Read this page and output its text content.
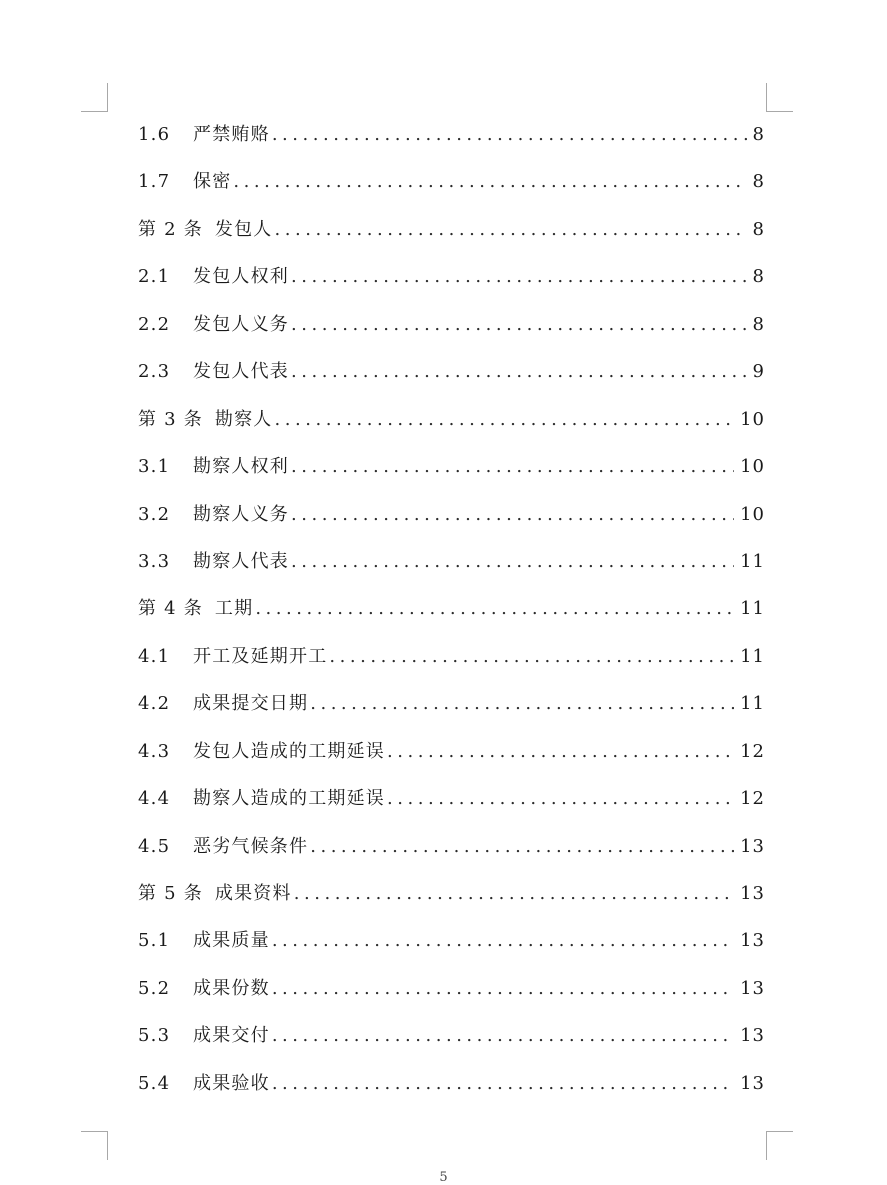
1.6	严禁贿赂 . . .	8
1.7	保密 . . .	8
第 2 条 发包人 . . .	8
2.1	发包人权利 . . .	8
2.2	发包人义务 . . .	8
2.3	发包人代表 . . .	9
第 3 条 勘察人 . . .	10
3.1	勘察人权利 . . .	10
3.2	勘察人义务 . . .	10
3.3	勘察人代表 . . .	11
第 4 条 工期 . . .	11
4.1	开工及延期开工 . . .	11
4.2	成果提交日期 . . .	11
4.3	发包人造成的工期延误 . . .	12
4.4	勘察人造成的工期延误 . . .	12
4.5	恶劣气候条件 . . .	13
第 5 条 成果资料 . . .	13
5.1	成果质量 . . .	13
5.2	成果份数 . . .	13
5.3	成果交付 . . .	13
5.4	成果验收 . . .	13
5
